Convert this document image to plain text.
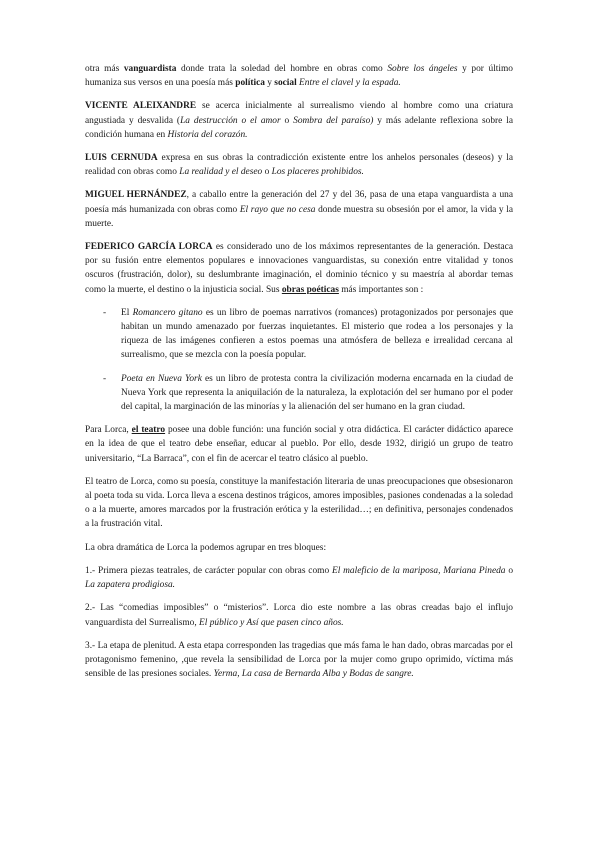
otra más vanguardista donde trata la soledad del hombre en obras como Sobre los ángeles y por último humaniza sus versos en una poesía más política y social Entre el clavel y la espada.

VICENTE ALEIXANDRE se acerca inicialmente al surrealismo viendo al hombre como una criatura angustiada y desvalida (La destrucción o el amor o Sombra del paraíso) y más adelante reflexiona sobre la condición humana en Historia del corazón.

LUIS CERNUDA expresa en sus obras la contradicción existente entre los anhelos personales (deseos) y la realidad con obras como La realidad y el deseo o Los placeres prohibidos.

MIGUEL HERNÁNDEZ, a caballo entre la generación del 27 y del 36, pasa de una etapa vanguardista a una poesía más humanizada con obras como El rayo que no cesa donde muestra su obsesión por el amor, la vida y la muerte.

FEDERICO GARCÍA LORCA es considerado uno de los máximos representantes de la generación. Destaca por su fusión entre elementos populares e innovaciones vanguardistas, su conexión entre vitalidad y tonos oscuros (frustración, dolor), su deslumbrante imaginación, el dominio técnico y su maestría al abordar temas como la muerte, el destino o la injusticia social. Sus obras poéticas más importantes son :

- El Romancero gitano es un libro de poemas narrativos (romances) protagonizados por personajes que habitan un mundo amenazado por fuerzas inquietantes. El misterio que rodea a los personajes y la riqueza de las imágenes confieren a estos poemas una atmósfera de belleza e irrealidad cercana al surrealismo, que se mezcla con la poesía popular.
- Poeta en Nueva York es un libro de protesta contra la civilización moderna encarnada en la ciudad de Nueva York que representa la aniquilación de la naturaleza, la explotación del ser humano por el poder del capital, la marginación de las minorías y la alienación del ser humano en la gran ciudad.

Para Lorca, el teatro posee una doble función: una función social y otra didáctica. El carácter didáctico aparece en la idea de que el teatro debe enseñar, educar al pueblo. Por ello, desde 1932, dirigió un grupo de teatro universitario, “La Barraca”, con el fin de acercar el teatro clásico al pueblo.

El teatro de Lorca, como su poesía, constituye la manifestación literaria de unas preocupaciones que obsesionaron al poeta toda su vida. Lorca lleva a escena destinos trágicos, amores imposibles, pasiones condenadas a la soledad o a la muerte, amores marcados por la frustración erótica y la esterilidad…; en definitiva, personajes condenados a la frustración vital.

La obra dramática de Lorca la podemos agrupar en tres bloques:

1.- Primera piezas teatrales, de carácter popular con obras como El maleficio de la mariposa, Mariana Pineda o La zapatera prodigiosa.

2.- Las “comedias imposibles” o “misterios”. Lorca dio este nombre a las obras creadas bajo el influjo vanguardista del Surrealismo, El público y Así que pasen cinco años.

3.- La etapa de plenitud. A esta etapa corresponden las tragedias que más fama le han dado, obras marcadas por el protagonismo femenino, ,que revela la sensibilidad de Lorca por la mujer como grupo oprimido, víctima más sensible de las presiones sociales. Yerma, La casa de Bernarda Alba y Bodas de sangre.
